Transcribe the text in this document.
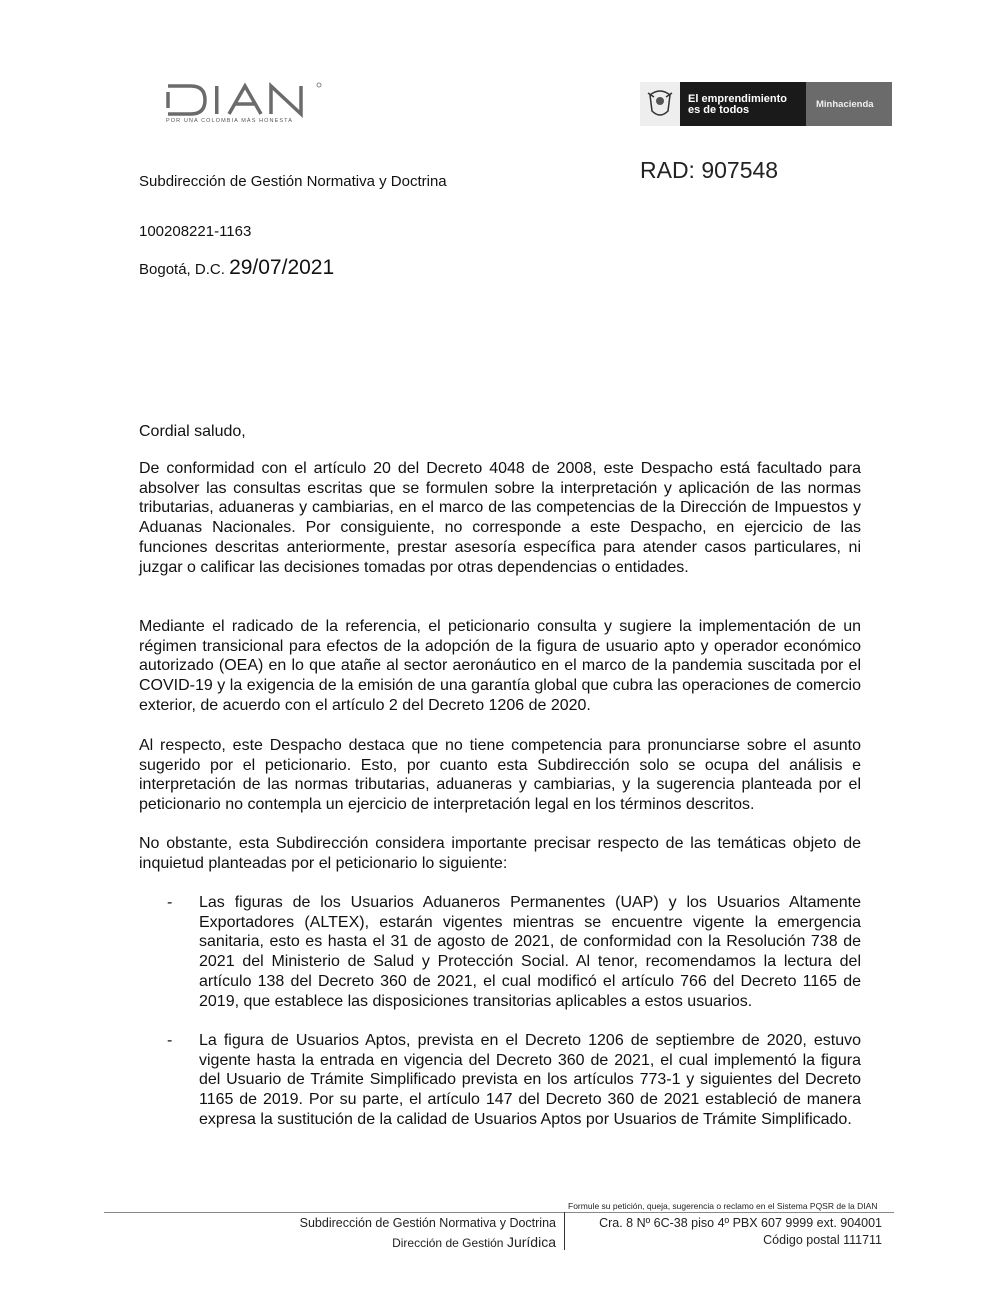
POR UNA COLOMBIA MÁS HONESTA
El emprendimiento
es de todos	Minhacienda
RAD: 907548
Subdirección de Gestión Normativa y Doctrina
100208221-1163
Bogotá, D.C. 29/07/2021

Cordial saludo,

De conformidad con el artículo 20 del Decreto 4048 de 2008, este Despacho está facultado para absolver las consultas escritas que se formulen sobre la interpretación y aplicación de las normas tributarias, aduaneras y cambiarias, en el marco de las competencias de la Dirección de Impuestos y Aduanas Nacionales. Por consiguiente, no corresponde a este Despacho, en ejercicio de las funciones descritas anteriormente, prestar asesoría específica para atender casos particulares, ni juzgar o calificar las decisiones tomadas por otras dependencias o entidades.

Mediante el radicado de la referencia, el peticionario consulta y sugiere la implementación de un régimen transicional para efectos de la adopción de la figura de usuario apto y operador económico autorizado (OEA) en lo que atañe al sector aeronáutico en el marco de la pandemia suscitada por el COVID-19 y la exigencia de la emisión de una garantía global que cubra las operaciones de comercio exterior, de acuerdo con el artículo 2 del Decreto 1206 de 2020.

Al respecto, este Despacho destaca que no tiene competencia para pronunciarse sobre el asunto sugerido por el peticionario. Esto, por cuanto esta Subdirección solo se ocupa del análisis e interpretación de las normas tributarias, aduaneras y cambiarias, y la sugerencia planteada por el peticionario no contempla un ejercicio de interpretación legal en los términos descritos.

No obstante, esta Subdirección considera importante precisar respecto de las temáticas objeto de inquietud planteadas por el peticionario lo siguiente:

- Las figuras de los Usuarios Aduaneros Permanentes (UAP) y los Usuarios Altamente Exportadores (ALTEX), estarán vigentes mientras se encuentre vigente la emergencia sanitaria, esto es hasta el 31 de agosto de 2021, de conformidad con la Resolución 738 de 2021 del Ministerio de Salud y Protección Social. Al tenor, recomendamos la lectura del artículo 138 del Decreto 360 de 2021, el cual modificó el artículo 766 del Decreto 1165 de 2019, que establece las disposiciones transitorias aplicables a estos usuarios.
- La figura de Usuarios Aptos, prevista en el Decreto 1206 de septiembre de 2020, estuvo vigente hasta la entrada en vigencia del Decreto 360 de 2021, el cual implementó la figura del Usuario de Trámite Simplificado prevista en los artículos 773-1 y siguientes del Decreto 1165 de 2019. Por su parte, el artículo 147 del Decreto 360 de 2021 estableció de manera expresa la sustitución de la calidad de Usuarios Aptos por Usuarios de Trámite Simplificado.
Formule su petición, queja, sugerencia o reclamo en el Sistema PQSR de la DIAN
Subdirección de Gestión Normativa y Doctrina
Dirección de Gestión Jurídica
Cra. 8 Nº 6C-38 piso 4º PBX 607 9999 ext. 904001
Código postal 111711
